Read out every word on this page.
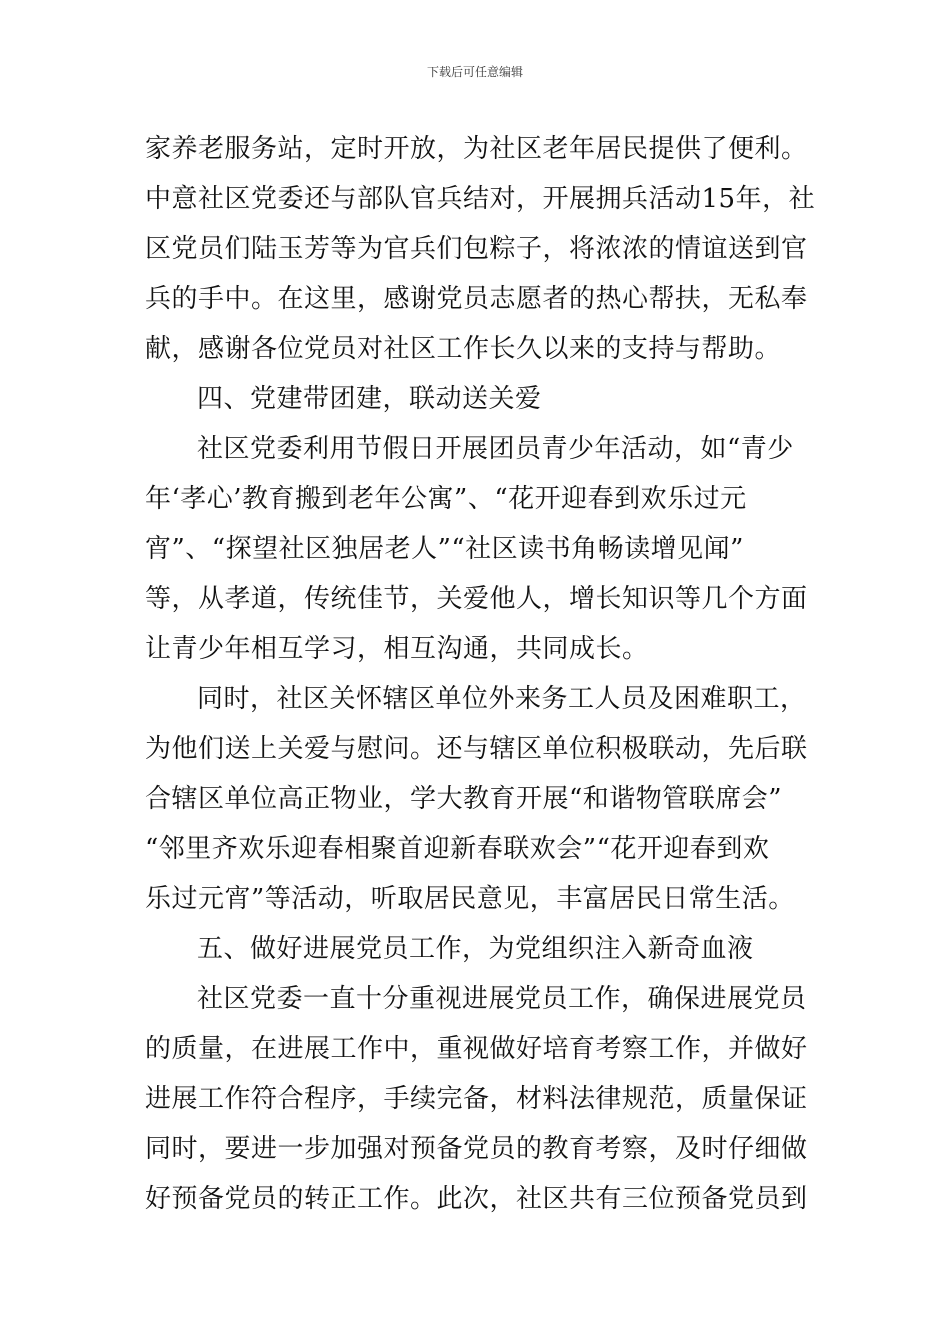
下载后可任意编辑
家养老服务站，定时开放，为社区老年居民提供了便利。
中意社区党委还与部队官兵结对，开展拥兵活动15年，社
区党员们陆玉芳等为官兵们包粽子，将浓浓的情谊送到官
兵的手中。在这里，感谢党员志愿者的热心帮扶，无私奉
献，感谢各位党员对社区工作长久以来的支持与帮助。
四、党建带团建，联动送关爱
社区党委利用节假日开展团员青少年活动，如“青少
年‘孝心’教育搬到老年公寓”、“花开迎春到欢乐过元
宵”、“探望社区独居老人”“社区读书角畅读增见闻”
等，从孝道，传统佳节，关爱他人，增长知识等几个方面
让青少年相互学习，相互沟通，共同成长。
同时，社区关怀辖区单位外来务工人员及困难职工，
为他们送上关爱与慰问。还与辖区单位积极联动，先后联
合辖区单位高正物业，学大教育开展“和谐物管联席会”
“邻里齐欢乐迎春相聚首迎新春联欢会”“花开迎春到欢
乐过元宵”等活动，听取居民意见，丰富居民日常生活。
五、做好进展党员工作，为党组织注入新奇血液
社区党委一直十分重视进展党员工作，确保进展党员
的质量，在进展工作中，重视做好培育考察工作，并做好
进展工作符合程序，手续完备，材料法律规范，质量保证
同时，要进一步加强对预备党员的教育考察，及时仔细做
好预备党员的转正工作。此次，社区共有三位预备党员到
